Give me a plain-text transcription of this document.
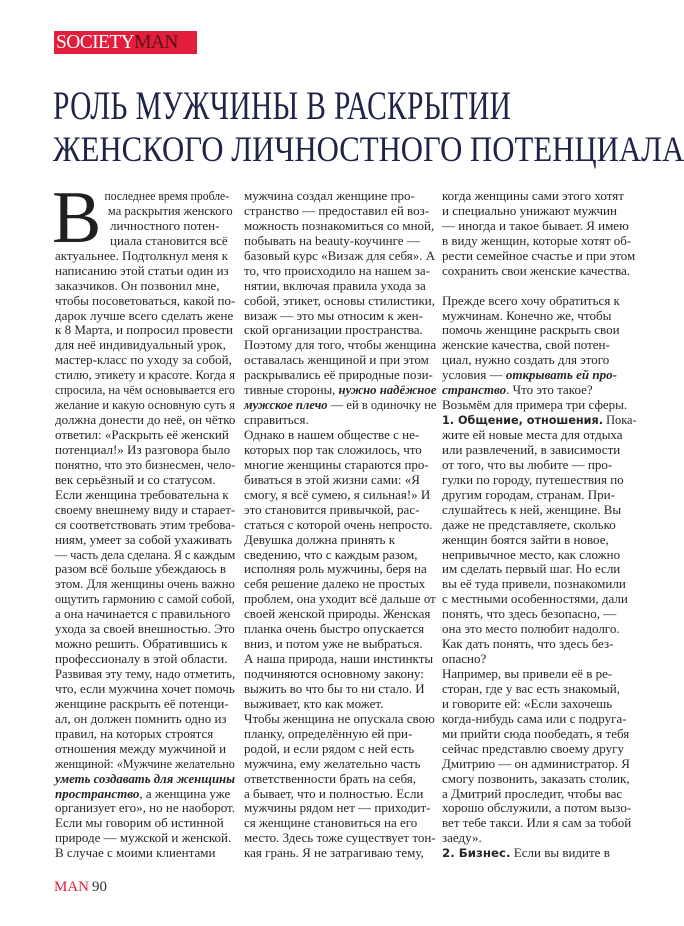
SOCIETYMAN
РОЛЬ МУЖЧИНЫ В РАСКРЫТИИ
ЖЕНСКОГО ЛИЧНОСТНОГО ПОТЕНЦИАЛА
В последнее время пробле-
ма раскрытия женского
личностного потен-
циала становится всё
актуальнее. Подтолкнул меня к
написанию этой статьи один из
заказчиков. Он позвонил мне,
чтобы посоветоваться, какой по-
дарок лучше всего сделать жене
к 8 Марта, и попросил провести
для неё индивидуальный урок,
мастер-класс по уходу за собой,
стилю, этикету и красоте. Когда я
спросила, на чём основывается его
желание и какую основную суть я
должна донести до неё, он чётко
ответил: «Раскрыть её женский
потенциал!» Из разговора было
понятно, что это бизнесмен, чело-
век серьёзный и со статусом.
Если женщина требовательна к
своему внешнему виду и старает-
ся соответствовать этим требова-
ниям, умеет за собой ухаживать
— часть дела сделана. Я с каждым
разом всё больше убеждаюсь в
этом. Для женщины очень важно
ощутить гармонию с самой собой,
а она начинается с правильного
ухода за своей внешностью. Это
можно решить. Обратившись к
профессионалу в этой области.
Развивая эту тему, надо отметить,
что, если мужчина хочет помочь
женщине раскрыть её потенци-
ал, он должен помнить одно из
правил, на которых строятся
отношения между мужчиной и
женщиной: «Мужчине желательно
уметь создавать для женщины
пространство, а женщина уже
организует его», но не наоборот.
Если мы говорим об истинной
природе — мужской и женской.
В случае с моими клиентами
мужчина создал женщине про-
странство — предоставил ей воз-
можность познакомиться со мной,
побывать на beauty-коучинге —
базовый курс «Визаж для себя». А
то, что происходило на нашем за-
нятии, включая правила ухода за
собой, этикет, основы стилистики,
визаж — это мы относим к жен-
ской организации пространства.
Поэтому для того, чтобы женщина
оставалась женщиной и при этом
раскрывались её природные пози-
тивные стороны, нужно надёжное
мужское плечо — ей в одиночку не
справиться.
Однако в нашем обществе с не-
которых пор так сложилось, что
многие женщины стараются про-
биваться в этой жизни сами: «Я
смогу, я всё сумею, я сильная!» И
это становится привычкой, рас-
статься с которой очень непросто.
Девушка должна принять к
сведению, что с каждым разом,
исполняя роль мужчины, беря на
себя решение далеко не простых
проблем, она уходит всё дальше от
своей женской природы. Женская
планка очень быстро опускается
вниз, и потом уже не выбраться.
А наша природа, наши инстинкты
подчиняются основному закону:
выжить во что бы то ни стало. И
выживает, кто как может.
Чтобы женщина не опускала свою
планку, определённую ей при-
родой, и если рядом с ней есть
мужчина, ему желательно часть
ответственности брать на себя,
а бывает, что и полностью. Если
мужчины рядом нет — приходит-
ся женщине становиться на его
место. Здесь тоже существует тон-
кая грань. Я не затрагиваю тему,
когда женщины сами этого хотят
и специально унижают мужчин
— иногда и такое бывает. Я имею
в виду женщин, которые хотят об-
рести семейное счастье и при этом
сохранить свои женские качества.
Прежде всего хочу обратиться к
мужчинам. Конечно же, чтобы
помочь женщине раскрыть свои
женские качества, свой потен-
циал, нужно создать для этого
условия — открывать ей про-
странство. Что это такое?
Возьмём для примера три сферы.
1. Общение, отношения. Пока-
жите ей новые места для отдыха
или развлечений, в зависимости
от того, что вы любите — про-
гулки по городу, путешествия по
другим городам, странам. При-
слушайтесь к ней, женщине. Вы
даже не представляете, сколько
женщин боятся зайти в новое,
непривычное место, как сложно
им сделать первый шаг. Но если
вы её туда привели, познакомили
с местными особенностями, дали
понять, что здесь безопасно, —
она это место полюбит надолго.
Как дать понять, что здесь без-
опасно?
Например, вы привели её в ре-
сторан, где у вас есть знакомый,
и говорите ей: «Если захочешь
когда-нибудь сама или с подруга-
ми прийти сюда пообедать, я тебя
сейчас представлю своему другу
Дмитрию — он администратор. Я
смогу позвонить, заказать столик,
а Дмитрий проследит, чтобы вас
хорошо обслужили, а потом вызо-
вет тебе такси. Или я сам за тобой
заеду».
2. Бизнес. Если вы видите в
MAN 90
